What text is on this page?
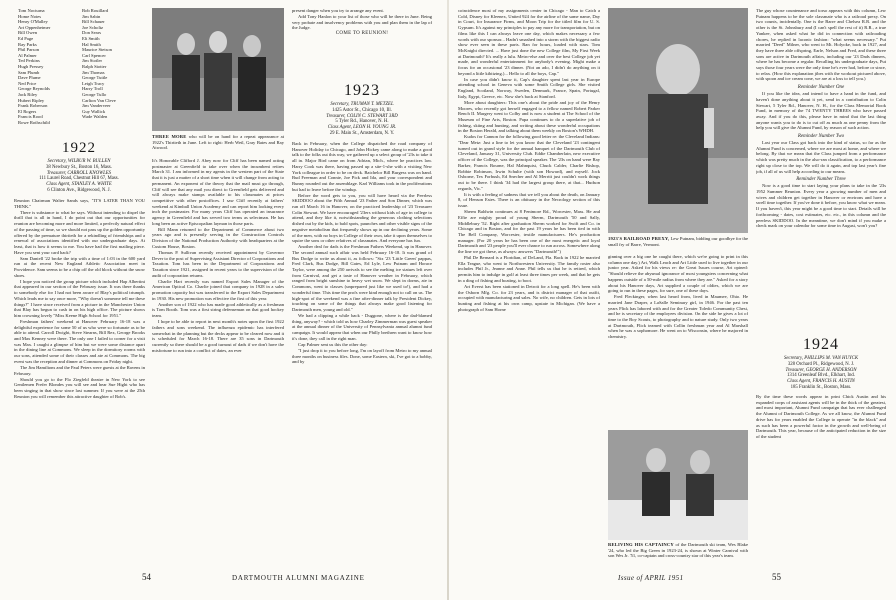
Tom Nocturna
Home Notes
Henry O'Malley
Art Oppenheimer
Bill Owen
Ed Page
Ray Parks
Phil Parson
Al Palmer
Ted Perkins
Hugh Pressey
Sam Plumb
Dave Plume
Ned Price
George Reynolds
Jack Riley
Hubert Ripley
Frank Roberson
El Rogers
Francis Rood
Rowe Rothschild
Bob Rouillard
Jim Sabin
Bill Schauer
Joe Scholtz
Don Sears
Eli Smith
Hal Smith
Maurice Stetson
Carl Spencer
Jim Stotler
Ralph Stotter
Jim Thomas
George Tuttle
Leigh Tracy
Harry Troll
George Tullo
Carlton Van Cleve
Jim Vanderveer
Guy Wallick
Wade Walden
1922
Secretary, WILBUR W. BULLEN
38 Newbury St., Boston 16, Mass.
Treasurer, CARROLL KNOWLES
111 Laurel Road, Chestnut Hill 67, Mass.
Class Agent, STANLEY A. WHITE
6 Clinton Ave., Ridgewood, N. J.

Reunion Chairman Walter Sands says, "IT'S LATER THAN YOU THINK."

There is substance to what he says. Without intending to dispel the thrill that is all in hand, I do point out that our opportunities for reunion are becoming more and more limited, a perfectly natural effect of the passing of time, so we should not pass up the golden opportunity offered by the premature thirtieth for a rekindling of friendships and a renewal of associations identified with our undergraduate days. At least, that is how it seems to me. You have had the first mailing piece. Have you sent your card back?

Sam Daniell '22 broke the trip with a time of 1:03 in the 600 yard run at the recent New England Athletic Association meet in Providence. Sam seems to be a chip off the old block without the snow shoes.

I hope you noticed the group picture which included Hap Albertini that appeared in our section of the February issue. It was there thanks to somebody else for I had not been aware of Blay's political triumph. Which leads me to say once more, "Why doesn't someone tell me these things?" I have since received from a picture in the Manchester Union that Blay has begun to cash in on his high office. The picture shows him crowning lovely "Miss Keene High School for 1951."

Freshman fathers' weekend at Hanover February 16-18 was a delightful experience for some 50 of us who were so fortunate as to be able to attend. Carroll Dwight, Steve Stearns, Bill Rex, George Brooks and Max Kenney were there. The only one I failed to corner for a visit was Max. I caught a glimpse of him but we were some distance apart in the dining line at Commons. We sleep in the dormitory rooms with our sons, attended some of their classes and ate at Commons. The big event was the reception and dinner at Commons on Friday night.

The Jim Hamiltons and the Paul Peters were guests at the Ravens in February.

Should you go to the Flo Ziegfeld theatre in New York to see Gentlemen Prefer Blondes you will see and hear Sue Hight who has been singing in that show since last summer. If you were at the 25th Reunion you will remember this attractive daughter of Bob's.

THREE MORE who will be on hand for a repeat appearance at 1922's Thirtieth in June. Left to right: Herb Weil, Gray Bates and Ray Atwood.

It's Honorable Clifford J. Abey now for Cliff has been named acting postmaster at Greenfield to take over when the incumbent retires March 31. I am informed in my agents in the western part of the State that it is just a matter of a short time when it will change from acting to permanent. An exponent of the theory that the mail must go through, Cliff will see that any mail you direct to Greenfield gets delivered and will always make stamps available to his classmates at prices competitive with other postoffices. I saw Cliff recently at fathers' weekend at Kimball Union Academy and can report him looking every inch the postmaster. For many years Cliff has operated an insurance agency in Greenfield and has served two terms as selectman. He has long been an active Episcopalian layman in those parts.

Bill Mann returned to the Department of Commerce about two years ago and is presently serving in the Construction Controls Division of the National Production Authority with headquarters at the Custom House, Boston.

Thomas P. Sullivan recently received appointment by Governor Dever to the post of Supervising Assistant Director of Corporations and Taxation. Tom has been in the Department of Corporations and Taxation since 1921, assigned in recent years to the supervision of the audit of corporation returns.

Charlie Hart recently was named Export Sales Manager of the American Optical Co. Charlie joined that company in 1928 in a sales promotion capacity but was transferred to the Export Sales Department in 1930. His new promotion was effective the first of this year.

Another son of 1922 who has made good athletically as a freshman is Tom Booth. Tom was a first string defenseman on that good hockey team.

I hope to be able to report in next month's notes upon the first 1922 fathers and sons weekend. The influenza epidemic has interfered somewhat in the planning but the decks appear to be cleared now and it is scheduled for March 16-18. There are 35 sons in Dartmouth currently so there should be a good turnout of dads if we don't have the misfortune to run into a conflict of dates, an ever

present danger when you try to arrange any event.

Add Tony Hanlon to your list of those who will be there in June. Being very probate and insolvency problems with you and plan them in the lap of the Judge.

COME TO REUNION!

1923
Secretary, TRUMAN T. METZEL
1425 Astor St., Chicago 10, Ill.
Treasurer, COLIN C. STEWART 3RD
5 Tyler Rd., Hanover, N. H.
Class Agent, LEON H. YOUNG JR.
29 E. Main St., Amsterdam, N. Y.

Back in February, when the College dispatched the road company of Hanover Holiday to Chicago, and John Hickey came along to make a good talk to the folks out this way, we gathered up a select group of '23s to take it all in. Major Bird came on from Adrian, Mich., where he practices law. Harry Cook was there, having passed up a site-1-she with a visiting New York colleague in order to be on deck. Batchelor Bill Burgess was on hand. Bud Freeman and Connie, Joe Pick and Ida, and your correspondent and Bunny rounded out the assemblage. Karl Williams took in the proliferations but had to leave before the windup.

Before the word gets to you, you will have heard via the Peerless SKIDDOO about the Fifth Annual '23 Father and Son Dinner, which was run off March 16 in Hanover, on the practiced leadership of '23 Treasurer Colin Stewart. We have encouraged '23ers without kids of age in college to attend, and they like it, notwithstanding the generous clothing selections dished out by the kids, to bald spots, paunches and other visible signs of the negative metabolism that frequently shows up in our declining years. Some of the men, with no boys in College of their own, take it upon themselves to squire the sons or other relatives of classmates. And everyone has fun.

Another deal for dads is the Freshman Fathers Weekend, up in Hanover. The second annual such affair was held February 16-18. It was grand of Bus Dodge to write us about it, as follows: "Six '23 'Little Green' pappas, Fred Clark, Bus Dodge, Bill Gates, Ed Lyle, Lew Putnam and Horace Taylor, were among the 250 arrivals to see the melting ice statues left over from Carnival, and get a taste of Hanover weather in February, which ranged from bright sunshine to heavy wet snow. We slept in dorms, ate in Commons, went to classes (unprepared just like we used to!), and had a wonderful time. This time the profs were kind enough not to call on us. The high-spot of the weekend was a fine after-dinner talk by President Dickey, touching on some of the things that always make good listening for Dartmouth men, young and old."

We had a clipping a while back - Duggone, where is the dad-blamed thing, anyway? - which told us how Charley Zimmerman was guest speaker at the annual dinner of the University of Pennsylvania annual alumni fund campaign. It would appear that when our Philly brethren want to know how it's done, they call in the right man.

Cap Palmer sent us this the other day:

"I just drop it to you before long, I'm on layoff from Metro to my annual three months on business files. Done, some Eastern, ski, I've got to a bobby, and by

54	DARTMOUTH ALUMNI MAGAZINE

coincidence most of my assignments center in Chicago - Man to Catch a Cold, Disney for Kleenex, United 924 for the airline of the same name, Day in Court, for Insurance Firms, and Moon Trip for the titled film for U. S. Gypsum. It's against my principles to pay any more for transportation, but on films like this I can always leave one day, which makes necessary a few words with our sponsor... Hadn't smashed into a storm with the biggest radio show ever seen in these parts. Ran for hours, loaded with stars. Tom McKnight directed. ... Have just done the new College film, My First Week at Dartmouth? It's really a lulu. Metro-else and over the best College job yet made, and wonderful entertainment for anybody's evening. Might make a focus for an occasional '23 dinner. (Not an ado, I didn't do anything on it beyond a little kibitzing.)... Hello to all the boys, Cap."

In case you didn't know it, Cap's daughter spent last year in Europe attending school in Geneva with some Smith College girls. She visited England, Scotland, Norway, Sweden, Denmark, France, Spain, Portugal, Italy, Egypt, Greece, etc. Now she's back at Stanford.

More about daughters: This one's about the pride and joy of the Henry Moores, who recently got herself engaged to a fellow named Robert Parker Rench II. Margery went to Colby and is now a student at The School of the Museum of Fine Arts, Boston. Papa continues to do a superlative job of fishing, skiing and hunting, and writing about these wonderful occupations in the Boston Herald, and talking about them weekly on Boston's WHDH.

Kudos for Cannon for the following good letter re: the Cleveland Indians: "Dear Metz: Just a line to let you know that the Cleveland '23 contingent turned out in grand style for the annual banquet of the Dartmouth Club of Cleveland, January 31, University Club. Eddie Chamberlain, new executive officer of the College, was the principal speaker. The '23s on hand were Ray Barker, Francis Bourne, Hal Mahnquist, Chuck Calder, Charlie Bishop, Robbie Robinson, Irwin Schulte (with son Howard), and myself. Jock Osborne, Tex Forbush, Ed Snecher and Al Merritt just couldn't work things out to be there. I think '34 had the largest group there, at that... Hudson regards, Vic."

It is with a feeling of sadness that we tell you about the death, on January 8, of Henson Estes. There is an obituary in the Necrology section of this issue.

Sherm Baldwin continues at 8 Fenimore Rd., Worcester, Mass. He and Effie are mighty proud of young Sherm, Dartmouth '50 and Sally, Middlebury '52. Right after graduation Sherm worked for Swift and Co. in Chicago and in Boston, and for the past 19 years he has been tied in with The Bell Company, Worcester, textile manufacturers. He's production manager. (For 20 years he has been one of the most energetic and loyal Dartmouth and '23 people you'll ever chance to run across. Somewhere along the line we got these, as always: answers "Dartmouth!")

Phil De Bernard is a Floridian, of DeLand, Fla. Back in 1922 he married Ella Teague, who went to Northwestern University. The family roster also includes Phil Jr., Jeanne and Anne. Phil tells us that he is retired, which permits him to indulge in golf at least three times per week, and that he gets in a ding of fishing and boating, to boot.

Art Everst has been stationed in Detroit for a long spell. He's been with the Osborn Mfg. Co. for 23 years, and is district manager of that outfit, occupied with manufacturing and sales. No wife, no children. Gets in lots of hunting and fishing at his own camp, upstate in Michigan. (We have a photograph of Sam Horne

1923'S RAILROAD PREXY, Lew Putnam, bidding our goodbye for the small fry of Barre, Vermont.

ginning over a big one he caught there, which we're going to print in this column one day.) Art, Walk Leach and Art Little used to live together in our junior year. Asked for his views re: the Great Issues course, Art opined: "Should relieve the abysmal ignorance of most youngsters concerning what happens outside of a 50-mile radius from where they are." Asked for a story about his Hanover days, Art supplied a couple of oldies, which we are going to run in these pages, for sure, one of these days.

Fred Fleckinger, when last heard from, lived in Maumee, Ohio. He married Jane Draper, a LaSalle Seminary girl, in 1946. For the past ten years Flick has labored with and for the Greater Toledo Community Chest, and he is secretary of the employees division. On the side he gives a lot of time to the Boy Scouts, to photography and to nature study. Only two years at Dartmouth, Flick teamed with Collin freshman year and Al Marshall when he was a sophomore. He went on to Wisconsin, where he majored in chemistry.

RELIVING HIS CAPTAINCY of the Dartmouth ski team, Wes Blake '24, who led the Big Green in 1923-24, is shown at Winter Carnival with son Wes Jr. '51, co-captain and cross-country star of this year's team.

The guy whose countenance and torso appears with this column, Lew Putnam happens to be the sole classmate who is a railroad prexy. On two counts, incidentally. One is the Barre and Chelsea R.R. and the other is the St. Johnsbury and (I can't spell the rest of it) R.R., a true Yankee, when asked what he did in connection with railroading chores, he replied in laconic fashion: "what seems necessary." Put married "Deed" Milner, who went to Mt. Holyoke, back in 1927, and they have three able offspring, Earle, Nelson and Fred, and these three sons are active in Dartmouth affairs, including our '23 Dads dinners, where he has become a regular. Recalling his undergraduate days, Put says those four years were the only time he's ever had, before or since, to relax. (How this explanation jibes with the workout pictured above, with spoon and ice cream cone, we are at a loss to tell you.)

Reminder Number One

If you like the idea, and intend to have a hand in the fund, and haven't done anything about it yet, send in a contribution to Colin Stewart, 5 Tyler Rd., Hanover, N. H., for the Class Memorial Book Fund, in memory of the 74 TWENTY THREES who have passed away. And if you do this, please have in mind that the last thing anyone wants you to do is to cut off as much as one penny from the help you will give the Alumni Fund, by reason of such action.

Reminder Number Two

Last year our Class got back into the kind of status, so far as the Alumni Fund is concerned, where we are most at home, and where we belong. By that we mean that the Class jumped from a performance which was pretty much in the also-ran classification, to a performance right up close to the top. We will do it again, and top last year's fine job, if all of us will help according to our means.

Reminder Number Three

Now is a good time to start laying your plans to take in the '23s 1952 Summer Reunion. Every year a growing number of men and wives and children get together in Hanover or environs and have a swell time together. If you've done it before, you know what we mean. If you haven't, this year might be a good time to start. Details will be forthcoming - dates, cost estimates, etc. etc., in this column and the peerless SKIDDOO. In the meantime, we don't mind if you make a check mark on your calendar for some time in August, won't you?

1924
Secretary, PHILLIPS M. VAN HUYCK
328 Orchard Pl., Ridgewood, N. J.
Treasurer, GEORGE H. ANDERSON
1314 Greenleaf Blvd., Elkhart, Ind.
Class Agent, FRANCIS H. AUSTIN
185 Franklin St., Boston, Mass.

By the time these words appear in print Chick Austin and his expanded corps of assistant agents will be in the thick of the greatest, and most important, Alumni Fund campaign that has ever challenged the Alumni of Dartmouth College. As we all know, the Alumni Fund drive has for years enabled the College to operate "in the black" and as such has been a powerful factor in the growth and well-being of Dartmouth. This year, because of the anticipated reduction in the size of the student

Issue of APRIL 1951	55
